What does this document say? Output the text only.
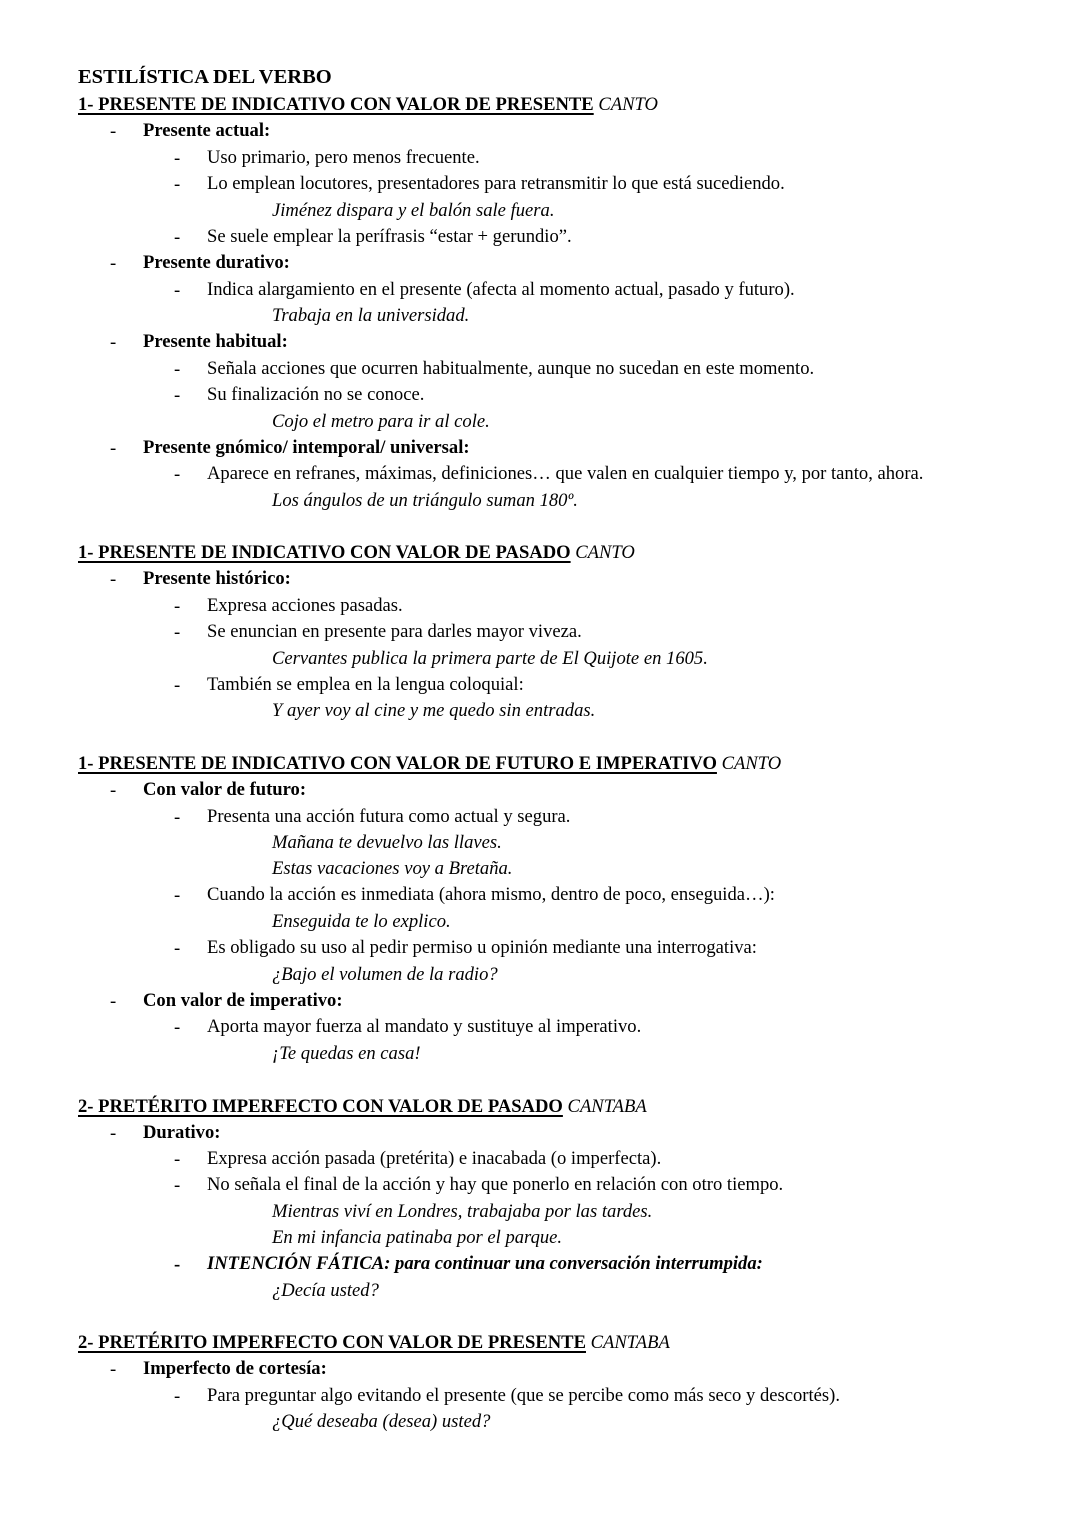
ESTILÍSTICA DEL VERBO
1- PRESENTE DE INDICATIVO CON VALOR DE PRESENTE CANTO
- Presente actual:
- Uso primario, pero menos frecuente.
- Lo emplean locutores, presentadores para retransmitir lo que está sucediendo.
Jiménez dispara y el balón sale fuera.
- Se suele emplear la perífrasis “estar + gerundio”.
- Presente durativo:
- Indica alargamiento en el presente (afecta al momento actual, pasado y futuro).
Trabaja en la universidad.
- Presente habitual:
- Señala acciones que ocurren habitualmente, aunque no sucedan en este momento.
- Su finalización no se conoce.
Cojo el metro para ir al cole.
- Presente gnómico/ intemporal/ universal:
- Aparece en refranes, máximas, definiciones… que valen en cualquier tiempo y, por tanto, ahora.
Los ángulos de un triángulo suman 180º.
1- PRESENTE DE INDICATIVO CON VALOR DE PASADO CANTO
- Presente histórico:
- Expresa acciones pasadas.
- Se enuncian en presente para darles mayor viveza.
Cervantes publica la primera parte de El Quijote en 1605.
- También se emplea en la lengua coloquial:
Y ayer voy al cine y me quedo sin entradas.
1- PRESENTE DE INDICATIVO CON VALOR DE FUTURO E IMPERATIVO CANTO
- Con valor de futuro:
- Presenta una acción futura como actual y segura.
Mañana te devuelvo las llaves.
Estas vacaciones voy a Bretaña.
- Cuando la acción es inmediata (ahora mismo, dentro de poco, enseguida…):
Enseguida te lo explico.
- Es obligado su uso al pedir permiso u opinión mediante una interrogativa:
¿Bajo el volumen de la radio?
- Con valor de imperativo:
- Aporta mayor fuerza al mandato y sustituye al imperativo.
¡Te quedas en casa!
2- PRETÉRITO IMPERFECTO CON VALOR DE PASADO CANTABA
- Durativo:
- Expresa acción pasada (pretérita) e inacabada (o imperfecta).
- No señala el final de la acción y hay que ponerlo en relación con otro tiempo.
Mientras viví en Londres, trabajaba por las tardes.
En mi infancia patinaba por el parque.
- INTENCIÓN FÁTICA: para continuar una conversación interrumpida:
¿Decía usted?
2- PRETÉRITO IMPERFECTO CON VALOR DE PRESENTE CANTABA
- Imperfecto de cortesía:
- Para preguntar algo evitando el presente (que se percibe como más seco y descortés).
¿Qué deseaba (desea) usted?
